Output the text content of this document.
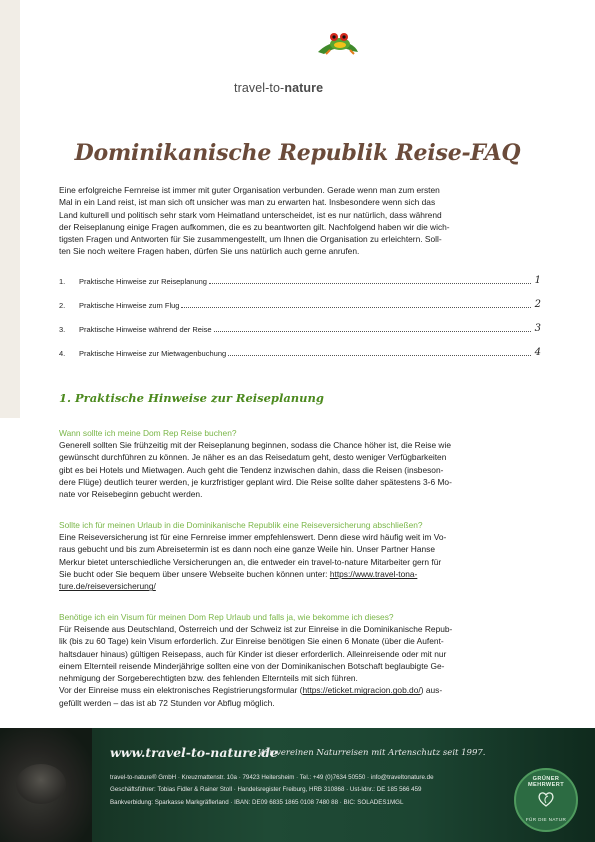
travel-to-nature
Dominikanische Republik Reise-FAQ
Eine erfolgreiche Fernreise ist immer mit guter Organisation verbunden. Gerade wenn man zum ersten
Mal in ein Land reist, ist man sich oft unsicher was man zu erwarten hat. Insbesondere wenn sich das
Land kulturell und politisch sehr stark vom Heimatland unterscheidet, ist es nur natürlich, dass während
der Reiseplanung einige Fragen aufkommen, die es zu beantworten gilt. Nachfolgend haben wir die wich-
tigsten Fragen und Antworten für Sie zusammengestellt, um Ihnen die Organisation zu erleichtern. Soll-
ten Sie noch weitere Fragen haben, dürfen Sie uns natürlich auch gerne anrufen.
1.	Praktische Hinweise zur Reiseplanung	1
2.	Praktische Hinweise zum Flug	2
3.	Praktische Hinweise während der Reise	3
4.	Praktische Hinweise zur Mietwagenbuchung	4
1. Praktische Hinweise zur Reiseplanung
Wann sollte ich meine Dom Rep Reise buchen?
Generell sollten Sie frühzeitig mit der Reiseplanung beginnen, sodass die Chance höher ist, die Reise wie
gewünscht durchführen zu können. Je näher es an das Reisedatum geht, desto weniger Verfügbarkeiten
gibt es bei Hotels und Mietwagen. Auch geht die Tendenz inzwischen dahin, dass die Reisen (insbeson-
dere Flüge) deutlich teurer werden, je kurzfristiger geplant wird. Die Reise sollte daher spätestens 3-6 Mo-
nate vor Reisebeginn gebucht werden.
Sollte ich für meinen Urlaub in die Dominikanische Republik eine Reiseversicherung abschließen?
Eine Reiseversicherung ist für eine Fernreise immer empfehlenswert. Denn diese wird häufig weit im Vo-
raus gebucht und bis zum Abreisetermin ist es dann noch eine ganze Weile hin. Unser Partner Hanse
Merkur bietet unterschiedliche Versicherungen an, die entweder ein travel-to-nature Mitarbeiter gern für
Sie bucht oder Sie bequem über unsere Webseite buchen können unter: https://www.travel-tona-
ture.de/reiseversicherung/
Benötige ich ein Visum für meinen Dom Rep Urlaub und falls ja, wie bekomme ich dieses?
Für Reisende aus Deutschland, Österreich und der Schweiz ist zur Einreise in die Dominikanische Repub-
lik (bis zu 60 Tage) kein Visum erforderlich. Zur Einreise benötigen Sie einen 6 Monate (über die Aufent-
haltsdauer hinaus) gültigen Reisepass, auch für Kinder ist dieser erforderlich. Alleinreisende oder mit nur
einem Elternteil reisende Minderjährige sollten eine von der Dominikanischen Botschaft beglaubigte Ge-
nehmigung der Sorgeberechtigten bzw. des fehlenden Elternteils mit sich führen.
Vor der Einreise muss ein elektronisches Registrierungsformular (https://eticket.migracion.gob.do/) aus-
gefüllt werden – das ist ab 72 Stunden vor Abflug möglich.
www.travel-to-nature.de
Wir vereinen Naturreisen mit Artenschutz seit 1997.
travel-to-nature® GmbH · Kreuzmattenstr. 10a · 79423 Heitersheim · Tel.: +49 (0)7634 50550 · info@traveltonature.de
Geschäftsführer: Tobias Fidler & Rainer Stoll · Handelsregister Freiburg, HRB 310868 · Ust-Idnr.: DE 185 566 459
Bankverbidung: Sparkasse Markgräflerland · IBAN: DE09 6835 1865 0108 7480 88 · BIC: SOLADES1MGL
GRÜNER MEHRWERT
FÜR DIE NATUR
